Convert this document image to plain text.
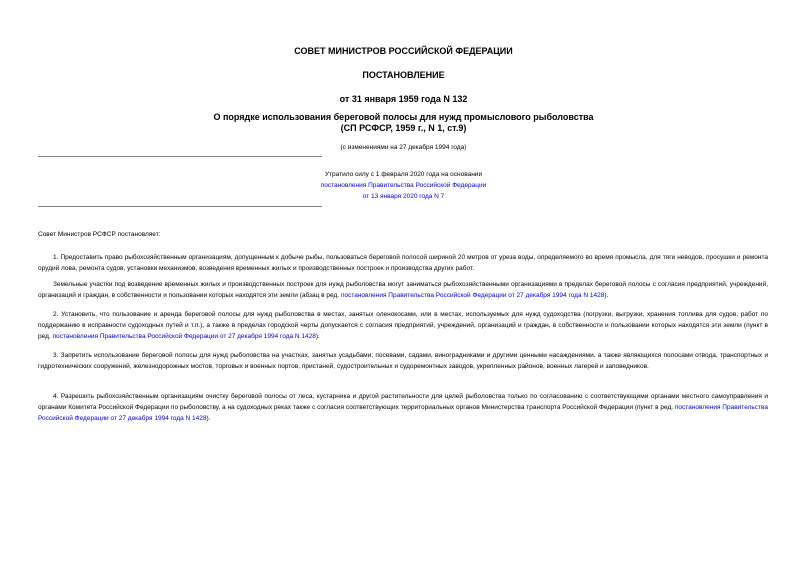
СОВЕТ МИНИСТРОВ РОССИЙСКОЙ ФЕДЕРАЦИИ
ПОСТАНОВЛЕНИЕ
от 31 января 1959 года N 132
О порядке использования береговой полосы для нужд промыслового рыболовства
(СП РСФСР, 1959 г., N 1, ст.9)
(с изменениями на 27 декабря 1994 года)
Утратило силу с 1 февраля 2020 года на основании
постановления Правительства Российской Федерации
от 13 января 2020 года N 7
Совет Министров РСФСР постановляет:

1. Предоставить право рыбохозяйственным организациям, допущенным к добыче рыбы, пользоваться береговой полосой шириной 20 метров от уреза воды, определяемого во время промысла, для тяги неводов, просушки и ремонта орудий лова, ремонта судов, установки механизмов, возведения временных жилых и производственных построек и производства других работ.

Земельные участки под возведение временных жилых и производственных построек для нужд рыболовства могут заниматься рыбохозяйственными организациями в пределах береговой полосы с согласия предприятий, учреждений, организаций и граждан, в собственности и пользовании которых находятся эти земли (абзац в ред. постановления Правительства Российской Федерации от 27 декабря 1994 года N 1428).

2. Установить, что пользование и аренда береговой полосы для нужд рыболовства в местах, занятых оленокосами, или в местах, используемых для нужд судоходства (погрузки, выгрузки, хранения топлива для судов, работ по поддержанию в исправности судоходных путей и т.п.), а также в пределах городской черты допускается с согласия предприятий, учреждений, организаций и граждан, в собственности и пользовании которых находятся эти земли (пункт в ред. постановления Правительства Российской Федерации от 27 декабря 1994 года N 1428).

3. Запретить использование береговой полосы для нужд рыболовства на участках, занятых усадьбами; посевами, садами, виноградниками и другими ценными насаждениями, а также являющихся полосами отвода, транспортных и гидротехнических сооружений, железнодорожных мостов, торговых и военных портов, пристаней, судостроительных и судоремонтных заводов, укрепленных районов, военных лагерей и заповедников.

4. Разрешить рыбохозяйственным организациям очистку береговой полосы от леса, кустарника и другой растительности для целей рыболовства только по согласованию с соответствующими органами местного самоуправления и органами Комитета Российской Федерации по рыболовству, а на судоходных реках также с согласия соответствующих территориальных органов Министерства транспорта Российской Федерации (пункт в ред. постановления Правительства Российской Федерации от 27 декабря 1994 года N 1428).
